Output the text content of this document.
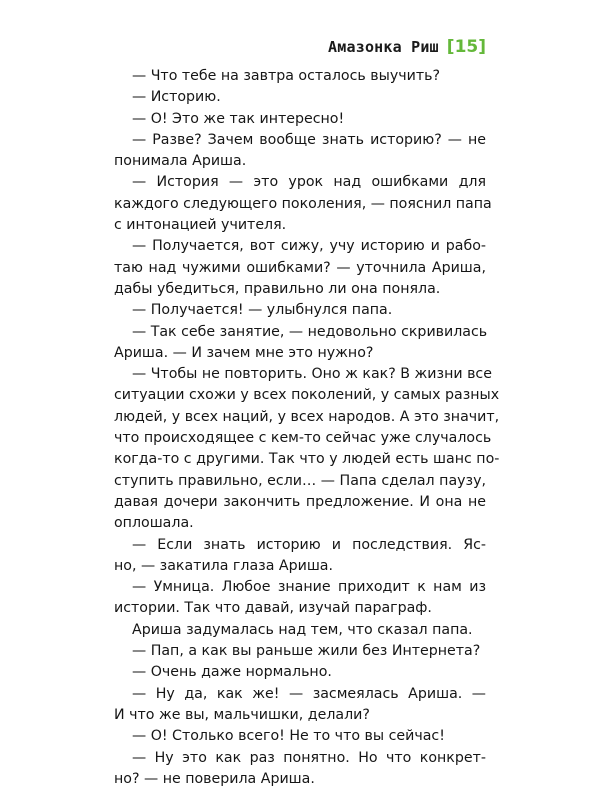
Амазонка Риш [15]
— Что тебе на завтра осталось выучить?
— Историю.
— О! Это же так интересно!
— Разве? Зачем вообще знать историю? — не
понимала Ариша.
— История — это урок над ошибками для
каждого следующего поколения, — пояснил папа
с интонацией учителя.
— Получается, вот сижу, учу историю и рабо-
таю над чужими ошибками? — уточнила Ариша,
дабы убедиться, правильно ли она поняла.
— Получается! — улыбнулся папа.
— Так себе занятие, — недовольно скривилась
Ариша. — И зачем мне это нужно?
— Чтобы не повторить. Оно ж как? В жизни все
ситуации схожи у всех поколений, у самых разных
людей, у всех наций, у всех народов. А это значит,
что происходящее с кем-то сейчас уже случалось
когда-то с другими. Так что у людей есть шанс по-
ступить правильно, если… — Папа сделал паузу,
давая дочери закончить предложение. И она не
оплошала.
— Если знать историю и последствия. Яс-
но, — закатила глаза Ариша.
— Умница. Любое знание приходит к нам из
истории. Так что давай, изучай параграф.
Ариша задумалась над тем, что сказал папа.
— Пап, а как вы раньше жили без Интернета?
— Очень даже нормально.
— Ну да, как же! — засмеялась Ариша. —
И что же вы, мальчишки, делали?
— О! Столько всего! Не то что вы сейчас!
— Ну это как раз понятно. Но что конкрет-
но? — не поверила Ариша.
